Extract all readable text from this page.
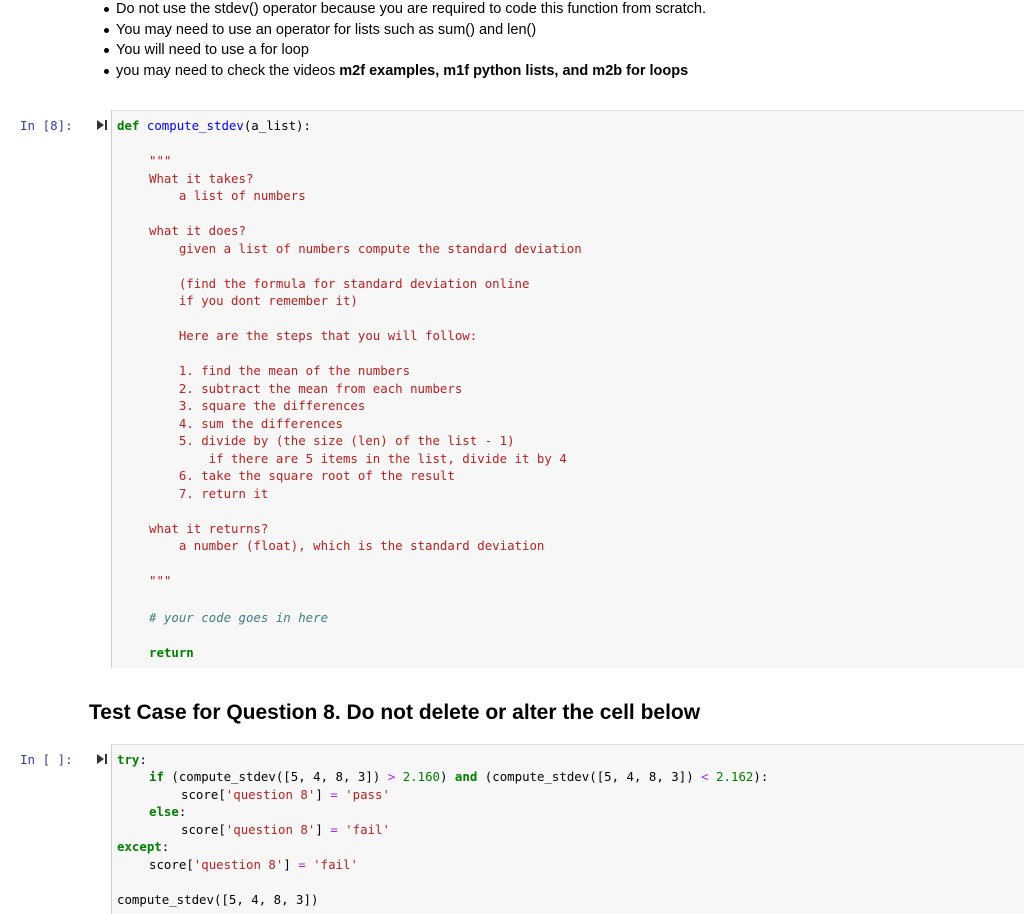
Do not use the stdev() operator because you are required to code this function from scratch.
You may need to use an operator for lists such as sum() and len()
You will need to use a for loop
you may need to check the videos m2f examples, m1f python lists, and m2b for loops
In [8]:	def compute_stdev(a_list):
"""
What it takes?
a list of numbers

what it does?
given a list of numbers compute the standard deviation

(find the formula for standard deviation online
if you dont remember it)

Here are the steps that you will follow:

1. find the mean of the numbers
2. subtract the mean from each numbers
3. square the differences
4. sum the differences
5. divide by (the size (len) of the list - 1)
if there are 5 items in the list, divide it by 4
6. take the square root of the result
7. return it

what it returns?
a number (float), which is the standard deviation

"""
# your code goes in here
return
Test Case for Question 8. Do not delete or alter the cell below
In [ ]:	try:
if (compute_stdev([5, 4, 8, 3]) > 2.160) and (compute_stdev([5, 4, 8, 3]) < 2.162):
score['question 8'] = 'pass'
else:
score['question 8'] = 'fail'
except:
score['question 8'] = 'fail'
compute_stdev([5, 4, 8, 3])
